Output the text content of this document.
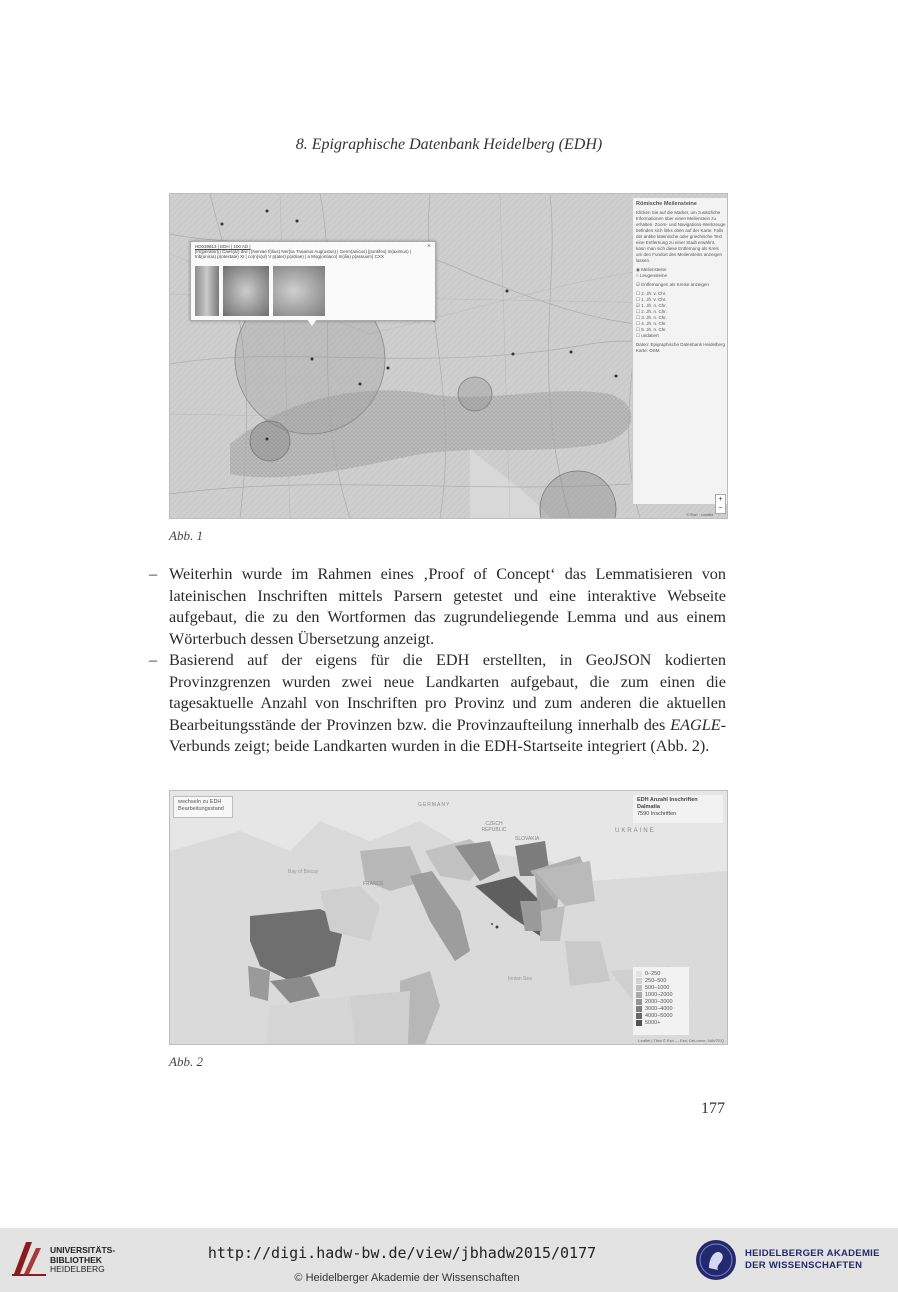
8. Epigraphische Datenbank Heidelberg (EDH)
×
HD039813 | EDH | 100 AD |
[Im]perator(i) Caes(ar) divi | [Nervae f(ilius) Ner]va Traianus Aug(ustus) | Germ(anicus) [pontifex] m(aximus) |
trib(unicia) p(otestate) XI | co(n)s(ul) V p(ater) p(atriae) | a Mog(ontiaco) m(ilia) p(assuum) CXX
Römische Meilensteine
Klicken Sie auf die Marker, um zusätzliche Informationen über einen Meilenstein zu erhalten. Zoom- und Navigations-Werkzeuge befinden sich links oben auf der Karte. Falls der antike lateinische oder griechische Text eine Entfernung zu einer Stadt erwähnt, kann man sich diese Entfernung als Kreis um den Fundort des Meilensteins anzeigen lassen.
◉ Meilensteine
○ Leugensteine
☑ Entfernungen als Kreise anzeigen
☐ 2. Jh. v. Chr.
☐ 1. Jh. v. Chr.
☑ 1. Jh. n. Chr.
☐ 2. Jh. n. Chr.
☐ 3. Jh. n. Chr.
☐ 4. Jh. n. Chr.
☐ 5. Jh. n. Chr.
☐ undatiert
Daten: Epigraphische Datenbank Heidelberg
Karte: OSM
+
−
© Esri · Leaflet
Abb. 1
– Weiterhin wurde im Rahmen eines ‚Proof of Concept‘ das Lemmatisieren von lateinischen Inschriften mittels Parsern getestet und eine interaktive Webseite aufgebaut, die zu den Wortformen das zugrundeliegende Lemma und aus einem Wörterbuch dessen Übersetzung anzeigt.
– Basierend auf der eigens für die EDH erstellten, in GeoJSON kodierten Provinzgrenzen wurden zwei neue Landkarten aufgebaut, die zum einen die tagesaktuelle Anzahl von Inschriften pro Provinz und zum anderen die aktuellen Bearbeitungsstände der Provinzen bzw. die Provinzaufteilung innerhalb des EAGLE-Verbunds zeigt; beide Landkarten wurden in die EDH-Startseite integriert (Abb. 2).
GERMANY
CZECH REPUBLIC
SLOVAKIA
UKRAINE
Bay of Biscay
FRANCE
Ionian Sea
wechseln zu EDH Bearbeitungsstand
EDH Anzahl Inschriften
Dalmatia
7590 Inschriften
0–250
250–500
500–1000
1000–2000
2000–3000
3000–4000
4000–5000
5000+
Leaflet | Tiles © Esri — Esri, DeLorme, NAVTEQ
Abb. 2
177
UNIVERSITÄTS-
BIBLIOTHEK
HEIDELBERG
http://digi.hadw-bw.de/view/jbhadw2015/0177
© Heidelberger Akademie der Wissenschaften
HEIDELBERGER AKADEMIE
DER WISSENSCHAFTEN
